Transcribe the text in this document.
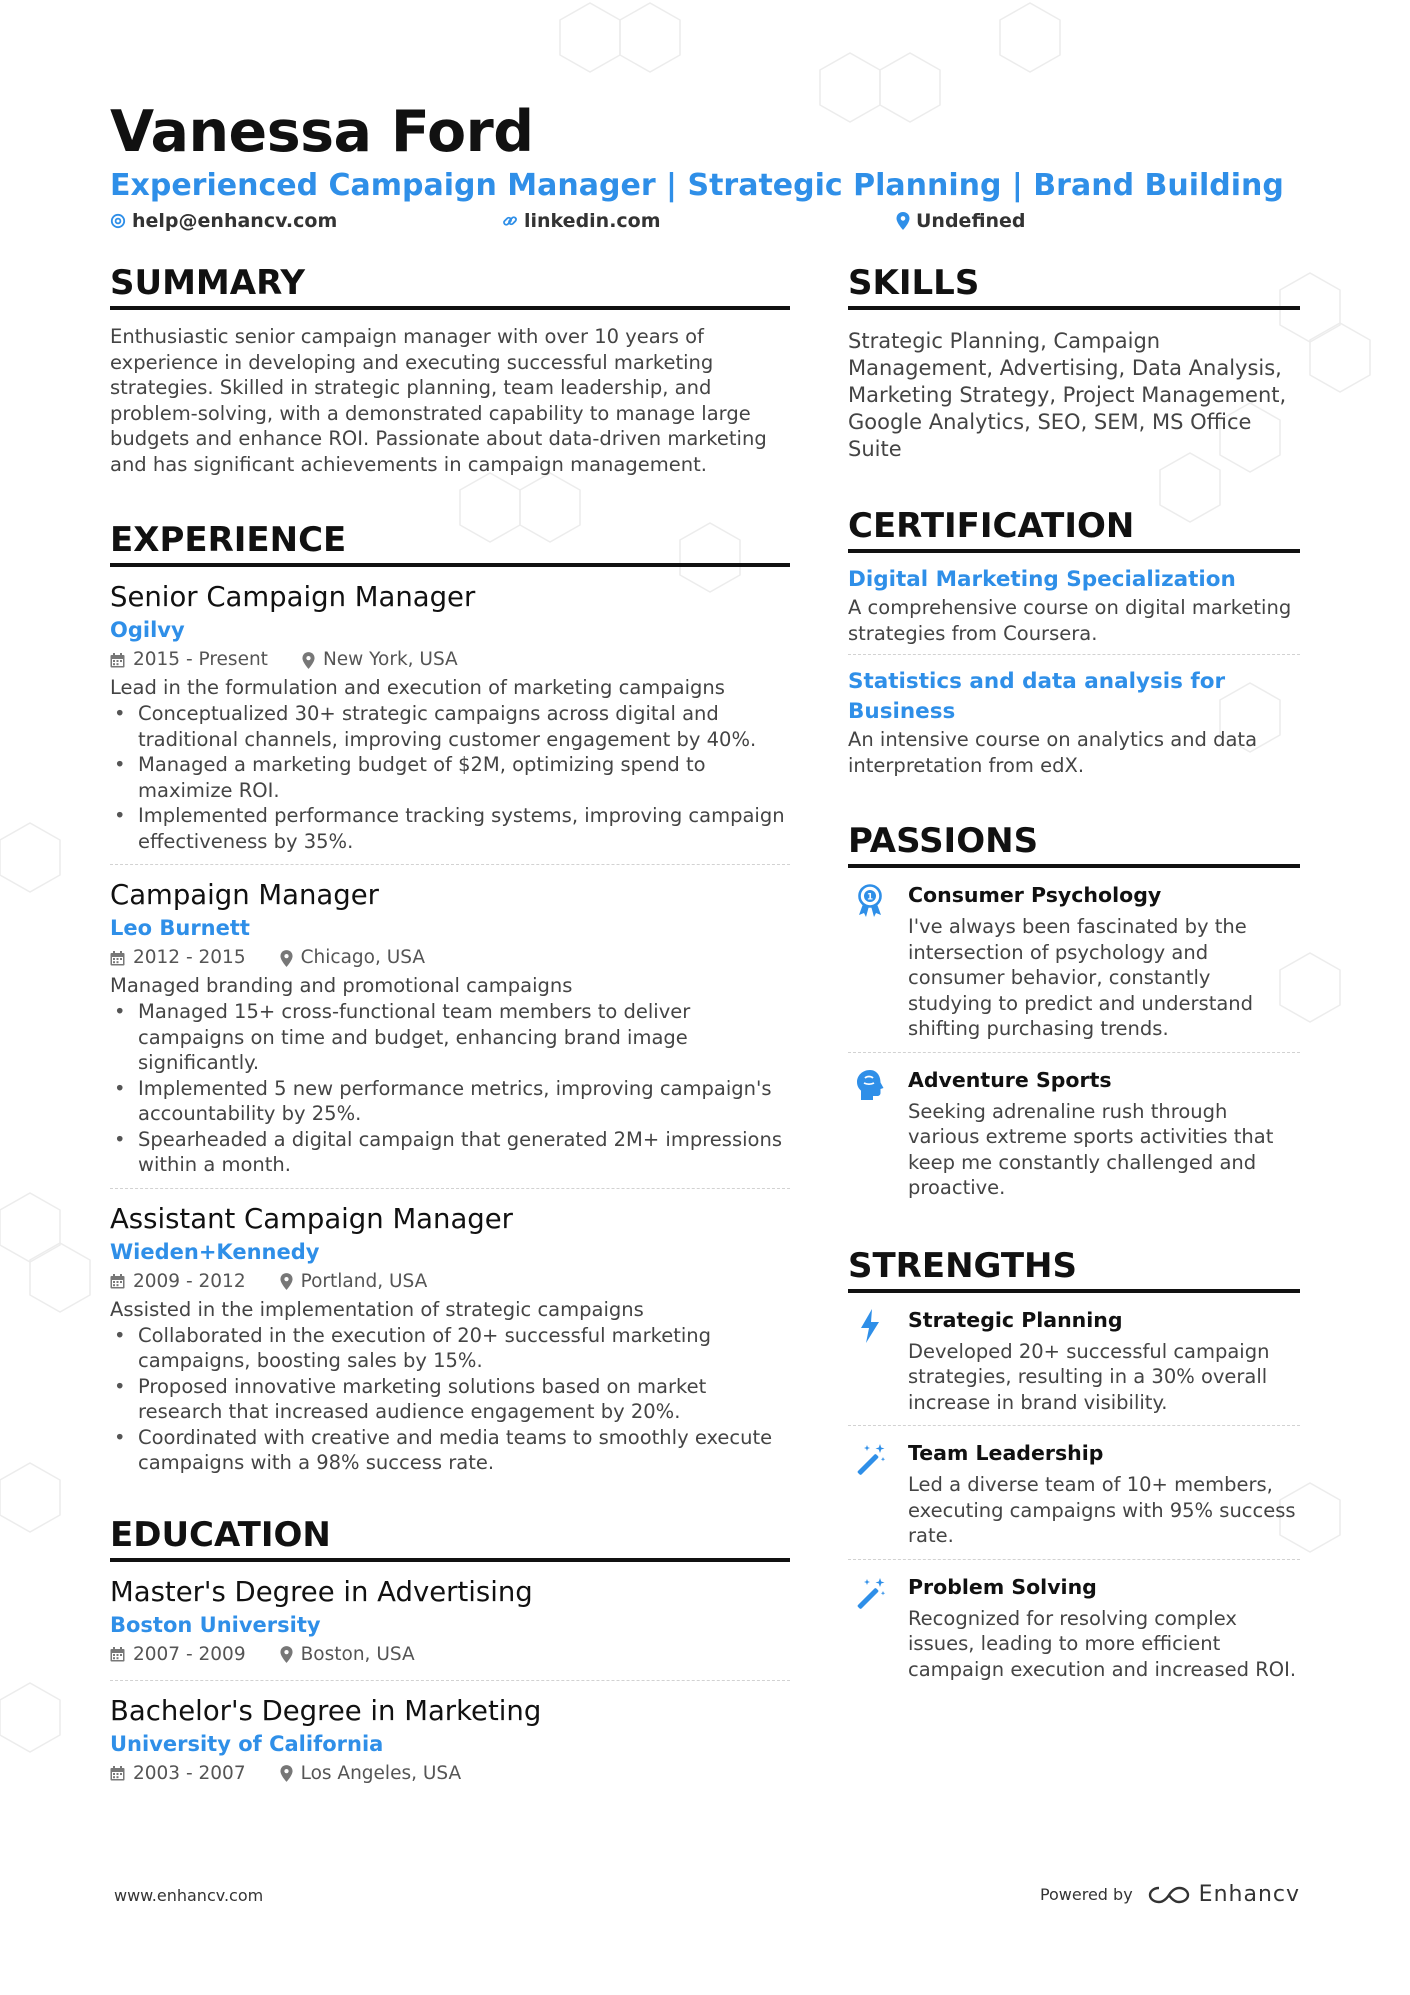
Vanessa Ford
Experienced Campaign Manager | Strategic Planning | Brand Building
help@enhancv.com	linkedin.com	Undefined
SUMMARY
Enthusiastic senior campaign manager with over 10 years of experience in developing and executing successful marketing strategies. Skilled in strategic planning, team leadership, and problem-solving, with a demonstrated capability to manage large budgets and enhance ROI. Passionate about data-driven marketing and has significant achievements in campaign management.
EXPERIENCE
Senior Campaign Manager
Ogilvy
2015 - Present	New York, USA
Lead in the formulation and execution of marketing campaigns
• Conceptualized 30+ strategic campaigns across digital and traditional channels, improving customer engagement by 40%.
• Managed a marketing budget of $2M, optimizing spend to maximize ROI.
• Implemented performance tracking systems, improving campaign effectiveness by 35%.
Campaign Manager
Leo Burnett
2012 - 2015	Chicago, USA
Managed branding and promotional campaigns
• Managed 15+ cross-functional team members to deliver campaigns on time and budget, enhancing brand image significantly.
• Implemented 5 new performance metrics, improving campaign's accountability by 25%.
• Spearheaded a digital campaign that generated 2M+ impressions within a month.
Assistant Campaign Manager
Wieden+Kennedy
2009 - 2012	Portland, USA
Assisted in the implementation of strategic campaigns
• Collaborated in the execution of 20+ successful marketing campaigns, boosting sales by 15%.
• Proposed innovative marketing solutions based on market research that increased audience engagement by 20%.
• Coordinated with creative and media teams to smoothly execute campaigns with a 98% success rate.
EDUCATION
Master's Degree in Advertising
Boston University
2007 - 2009	Boston, USA
Bachelor's Degree in Marketing
University of California
2003 - 2007	Los Angeles, USA
SKILLS
Strategic Planning, Campaign Management, Advertising, Data Analysis, Marketing Strategy, Project Management, Google Analytics, SEO, SEM, MS Office Suite
CERTIFICATION
Digital Marketing Specialization
A comprehensive course on digital marketing strategies from Coursera.
Statistics and data analysis for Business
An intensive course on analytics and data interpretation from edX.
PASSIONS
1 Consumer Psychology
I've always been fascinated by the intersection of psychology and consumer behavior, constantly studying to predict and understand shifting purchasing trends.
Adventure Sports
Seeking adrenaline rush through various extreme sports activities that keep me constantly challenged and proactive.
STRENGTHS
Strategic Planning
Developed 20+ successful campaign strategies, resulting in a 30% overall increase in brand visibility.
Team Leadership
Led a diverse team of 10+ members, executing campaigns with 95% success rate.
Problem Solving
Recognized for resolving complex issues, leading to more efficient campaign execution and increased ROI.
www.enhancv.com	Powered by	Enhancv
